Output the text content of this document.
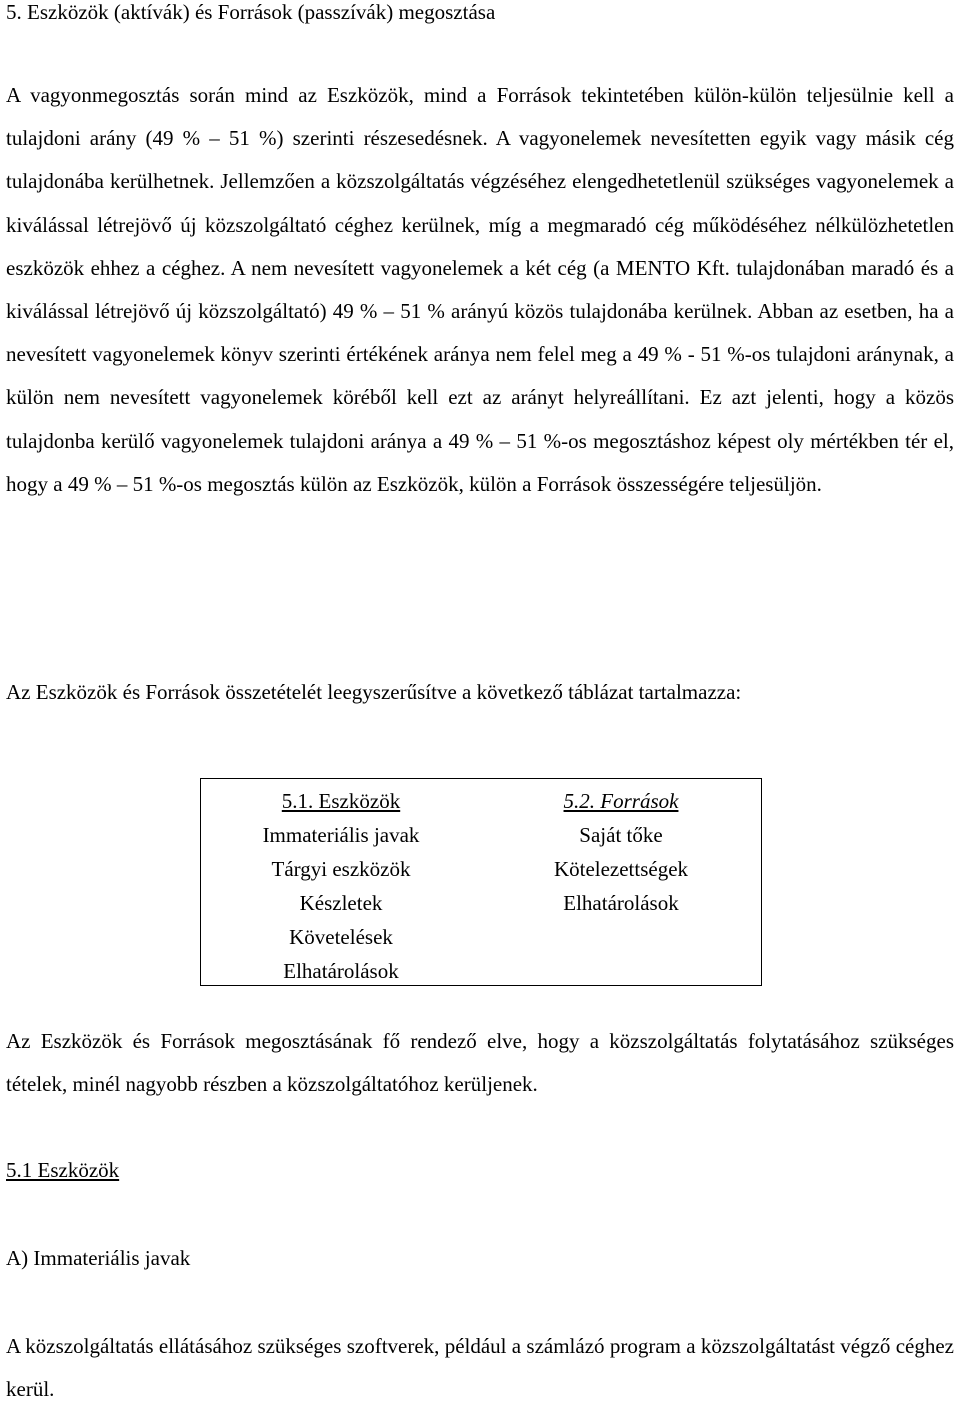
5. Eszközök (aktívák) és Források (passzívák) megosztása

A vagyonmegosztás során mind az Eszközök, mind a Források tekintetében külön-külön teljesülnie kell a tulajdoni arány (49 % – 51 %) szerinti részesedésnek. A vagyonelemek nevesítetten egyik vagy másik cég tulajdonába kerülhetnek. Jellemzően a közszolgáltatás végzéséhez elengedhetetlenül szükséges vagyonelemek a kiválással létrejövő új közszolgáltató céghez kerülnek, míg a megmaradó cég működéséhez nélkülözhetetlen eszközök ehhez a céghez. A nem nevesített vagyonelemek a két cég (a MENTO Kft. tulajdonában maradó és a kiválással létrejövő új közszolgáltató) 49 % – 51 % arányú közös tulajdonába kerülnek. Abban az esetben, ha a nevesített vagyonelemek könyv szerinti értékének aránya nem felel meg a 49 % - 51 %-os tulajdoni aránynak, a külön nem nevesített vagyonelemek köréből kell ezt az arányt helyreállítani. Ez azt jelenti, hogy a közös tulajdonba kerülő vagyonelemek tulajdoni aránya a 49 % – 51 %-os megosztáshoz képest oly mértékben tér el, hogy a 49 % – 51 %-os megosztás külön az Eszközök, külön a Források összességére teljesüljön.

Az Eszközök és Források összetételét leegyszerűsítve a következő táblázat tartalmazza:

5.1. Eszközök	5.2. Források
Immateriális javak	Saját tőke
Tárgyi eszközök	Kötelezettségek
Készletek	Elhatárolások
Követelések	
Elhatárolások	

Az Eszközök és Források megosztásának fő rendező elve, hogy a közszolgáltatás folytatásához szükséges tételek, minél nagyobb részben a közszolgáltatóhoz kerüljenek.

5.1 Eszközök
A) Immateriális javak

A közszolgáltatás ellátásához szükséges szoftverek, például a számlázó program a közszolgáltatást végző céghez kerül.
